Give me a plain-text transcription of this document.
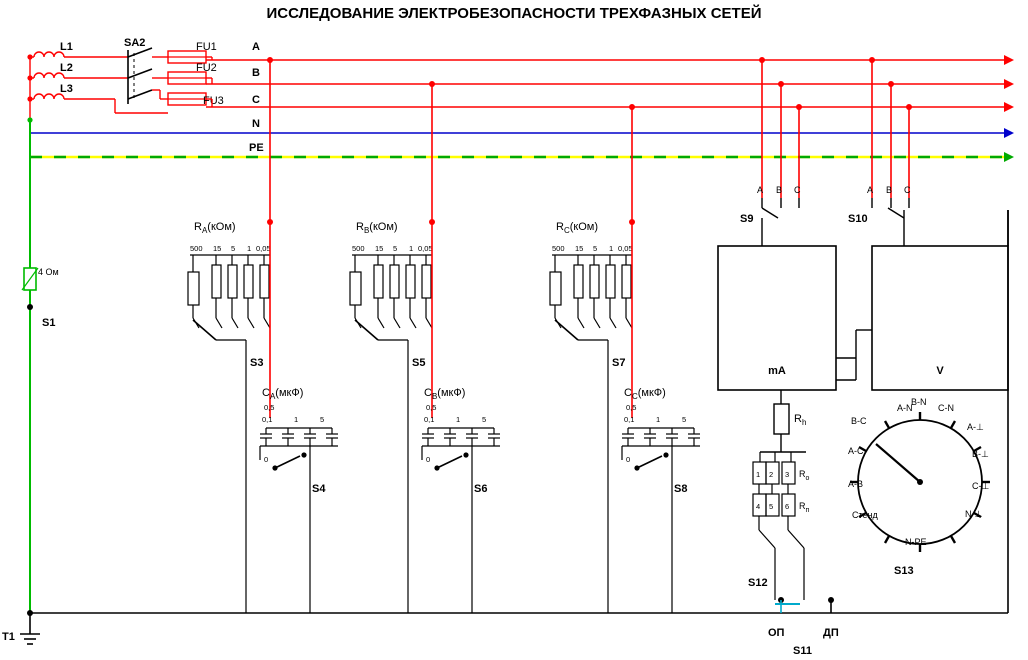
ИССЛЕДОВАНИЕ ЭЛЕКТРОБЕЗОПАСНОСТИ ТРЕХФАЗНЫХ СЕТЕЙ
L1
L2
L3
SA2	FU1
FU2
FU3
A
B
C
N
PE
4 Ом
S1
T1
$R_A(кОм)$
500 15 5 1 0,05
S3
$C_A(мкФ)$
0,5
0,1	1	5
0
S4
$R_B(кОм)$
500 15 5 1 0,05
S5
$C_B(мкФ)$
0,5
0,1	1	5
0
S6
$R_C(кОм)$
500 15 5 1 0,05
S7
$C_C(мкФ)$
0,5
0,1	1	5
0
S8
A B C
S9
A B C
S10
mA	V
$R_h$
1 2 3
4 5 6
$R_о$
$R_п$
S12
A-N
B-N
C-N
B-C
A-⊥
A-C	B-⊥
A-B	C-⊥
Стенд	N-⊥
N-PE
S13
ОП	ДП
S11
